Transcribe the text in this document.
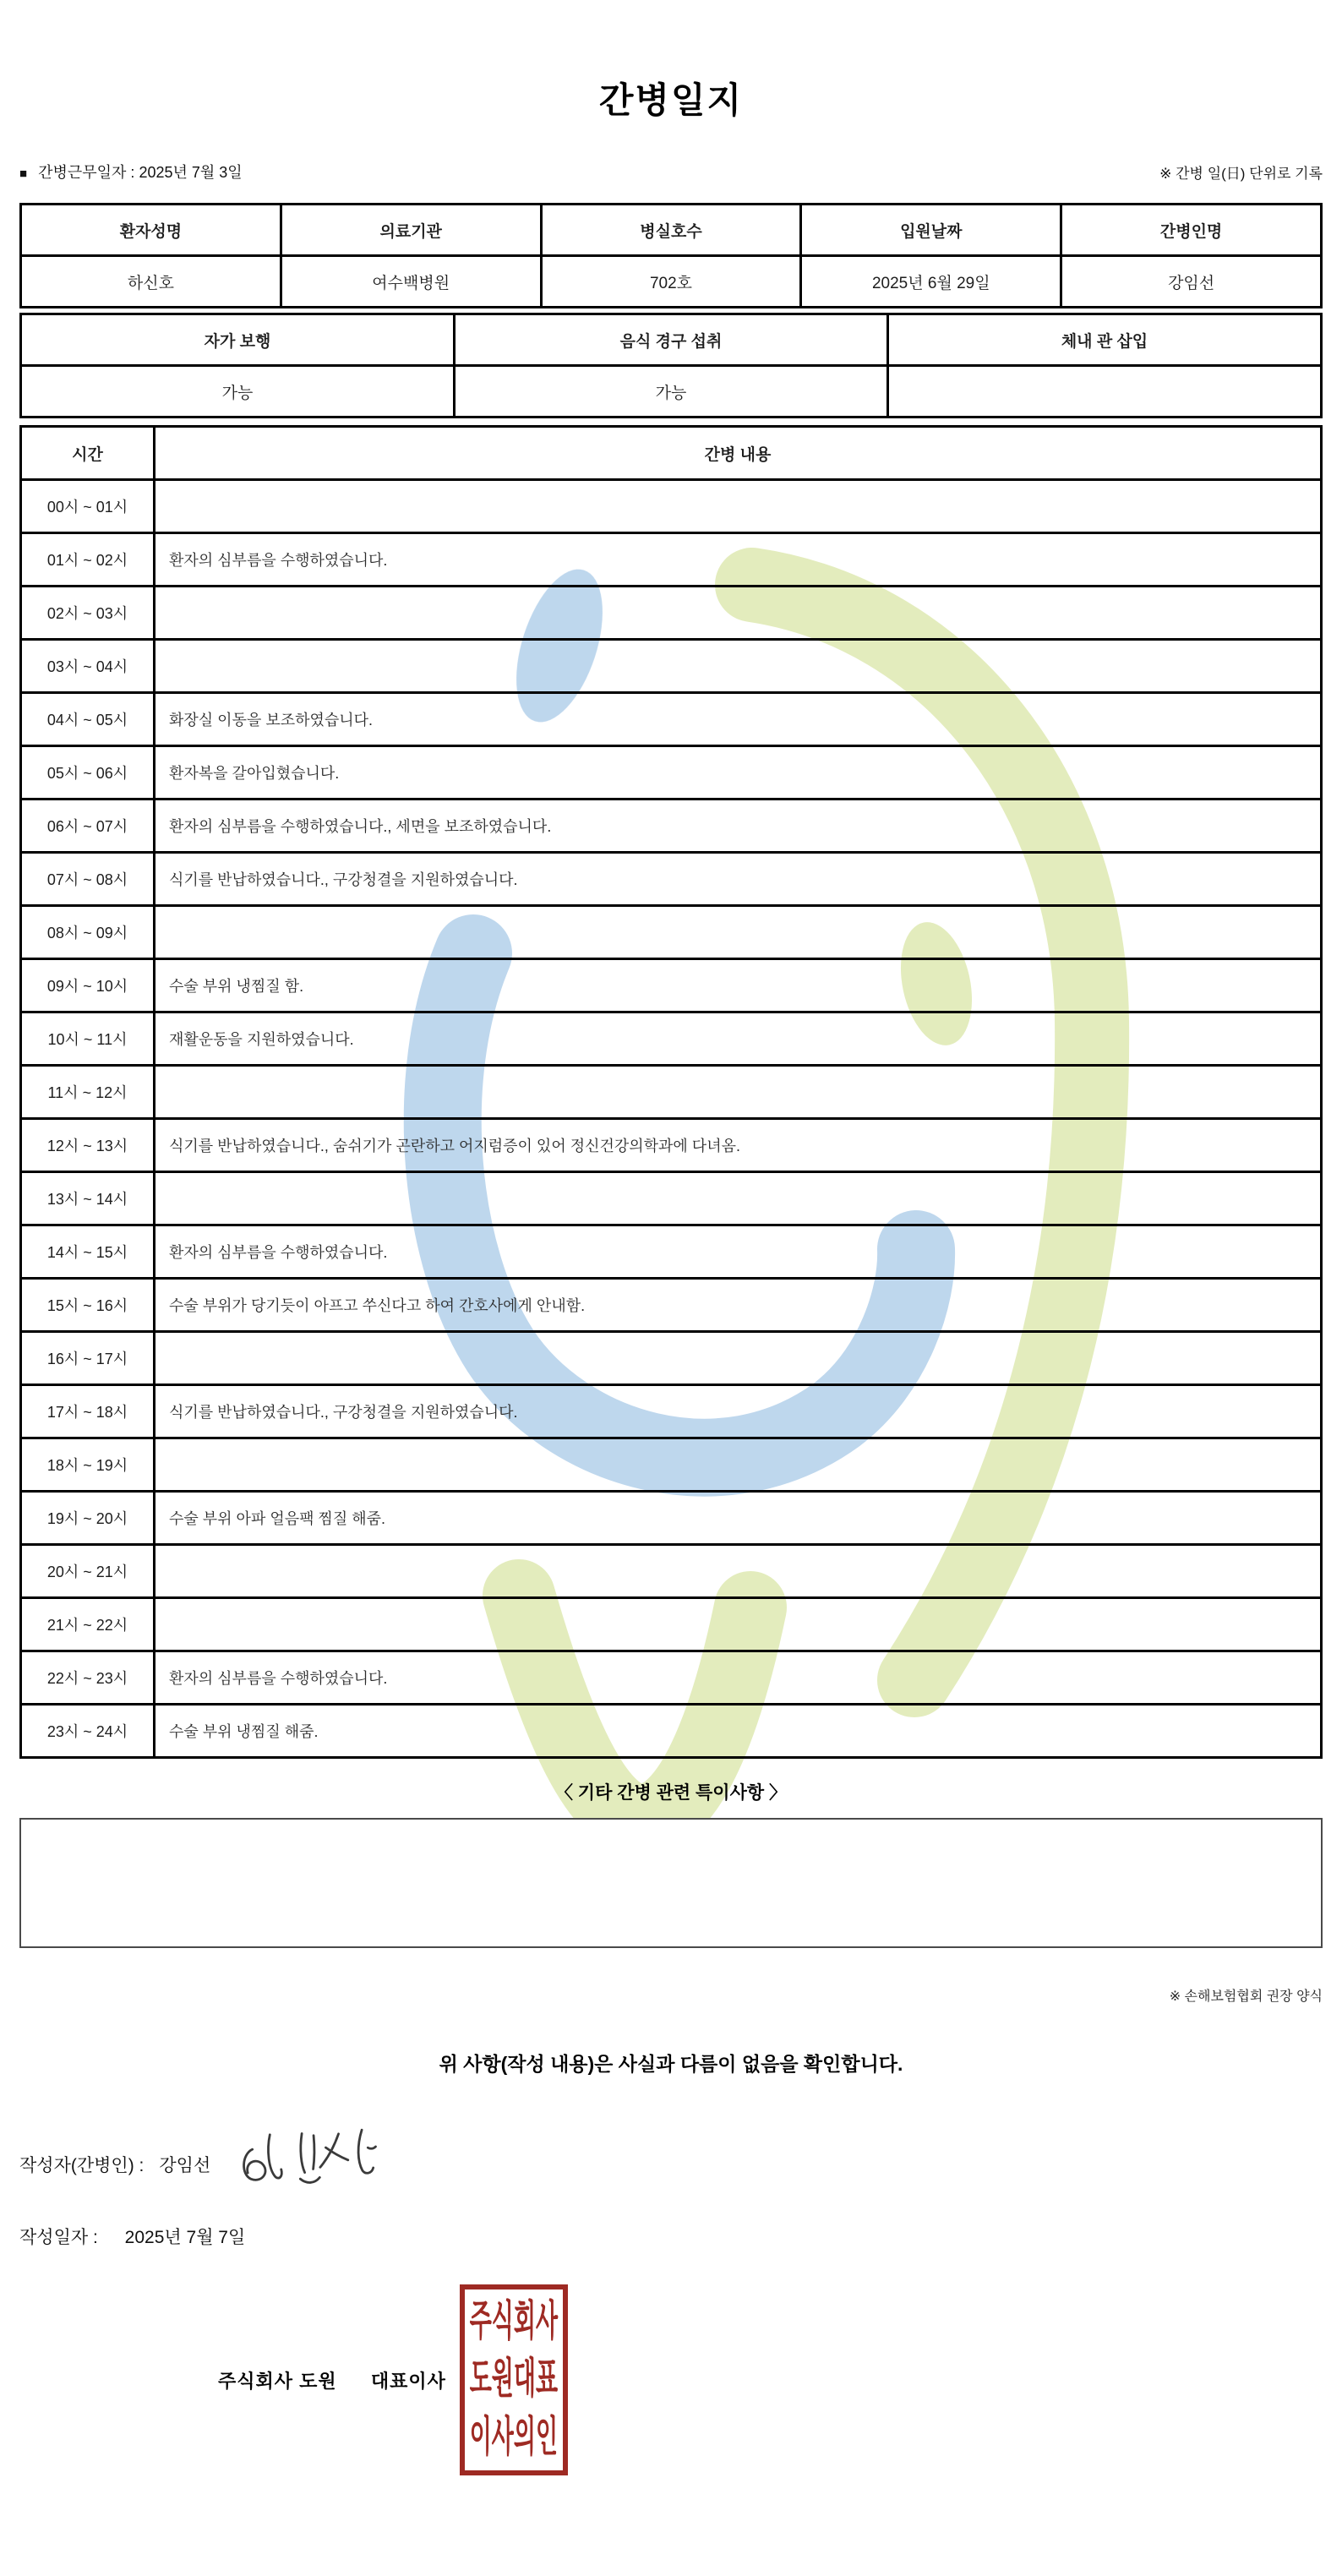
간병일지
■ 간병근무일자 : 2025년 7월 3일	※ 간병 일(日) 단위로 기록
환자성명	의료기관	병실호수	입원날짜	간병인명
하신호	여수백병원	702호	2025년 6월 29일	강임선
자가 보행	음식 경구 섭취	체내 관 삽입
가능	가능	
시간	간병 내용
00시 ~ 01시	
01시 ~ 02시	환자의 심부름을 수행하였습니다.
02시 ~ 03시	
03시 ~ 04시	
04시 ~ 05시	화장실 이동을 보조하였습니다.
05시 ~ 06시	환자복을 갈아입혔습니다.
06시 ~ 07시	환자의 심부름을 수행하였습니다., 세면을 보조하였습니다.
07시 ~ 08시	식기를 반납하였습니다., 구강청결을 지원하였습니다.
08시 ~ 09시	
09시 ~ 10시	수술 부위 냉찜질 함.
10시 ~ 11시	재활운동을 지원하였습니다.
11시 ~ 12시	
12시 ~ 13시	식기를 반납하였습니다., 숨쉬기가 곤란하고 어지럼증이 있어 정신건강의학과에 다녀옴.
13시 ~ 14시	
14시 ~ 15시	환자의 심부름을 수행하였습니다.
15시 ~ 16시	수술 부위가 당기듯이 아프고 쑤신다고 하여 간호사에게 안내함.
16시 ~ 17시	
17시 ~ 18시	식기를 반납하였습니다., 구강청결을 지원하였습니다.
18시 ~ 19시	
19시 ~ 20시	수술 부위 아파 얼음팩 찜질 해줌.
20시 ~ 21시	
21시 ~ 22시	
22시 ~ 23시	환자의 심부름을 수행하였습니다.
23시 ~ 24시	수술 부위 냉찜질 해줌.
〈 기타 간병 관련 특이사항 〉
※ 손해보험협회 권장 양식
위 사항(작성 내용)은 사실과 다름이 없음을 확인합니다.
작성자(간병인) : 강임선
작성일자 : 2025년 7월 7일
주식회사 도원 대표이사
주식회사
도원대표
이사의인
